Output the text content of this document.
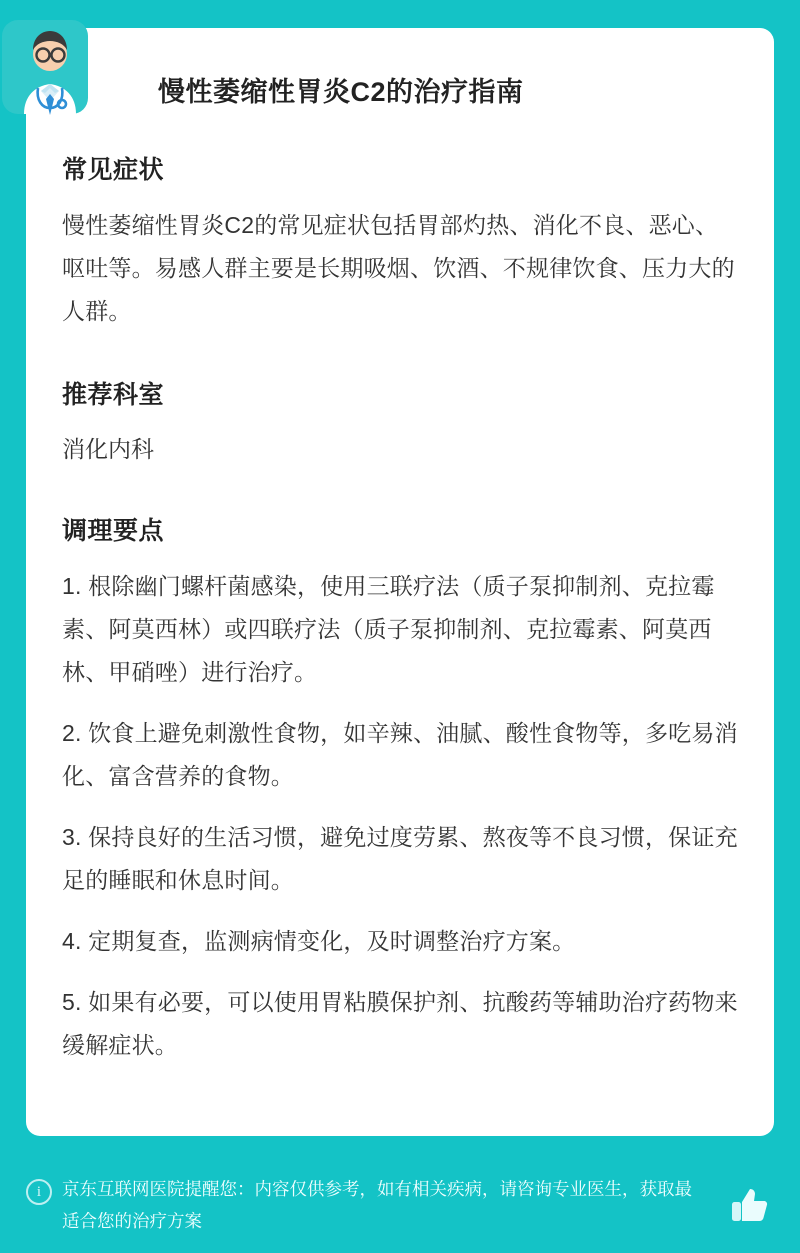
慢性萎缩性胃炎C2的治疗指南
常见症状

慢性萎缩性胃炎C2的常见症状包括胃部灼热、消化不良、恶心、呕吐等。易感人群主要是长期吸烟、饮酒、不规律饮食、压力大的人群。

推荐科室

消化内科

调理要点
1. 根除幽门螺杆菌感染，使用三联疗法（质子泵抑制剂、克拉霉素、阿莫西林）或四联疗法（质子泵抑制剂、克拉霉素、阿莫西林、甲硝唑）进行治疗。
2. 饮食上避免刺激性食物，如辛辣、油腻、酸性食物等，多吃易消化、富含营养的食物。
3. 保持良好的生活习惯，避免过度劳累、熬夜等不良习惯，保证充足的睡眠和休息时间。
4. 定期复查，监测病情变化，及时调整治疗方案。
5. 如果有必要，可以使用胃粘膜保护剂、抗酸药等辅助治疗药物来缓解症状。
i	京东互联网医院提醒您：内容仅供参考，如有相关疾病，请咨询专业医生，获取最适合您的治疗方案
